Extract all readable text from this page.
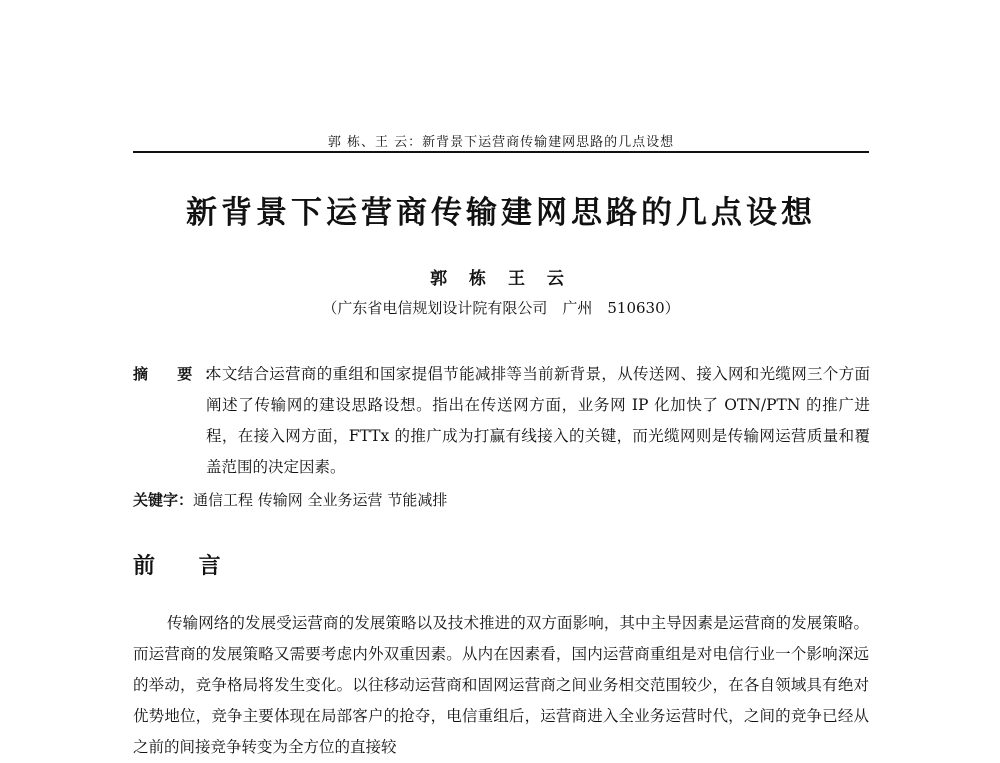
郭 栋、王 云：新背景下运营商传输建网思路的几点设想
新背景下运营商传输建网思路的几点设想
郭 栋 王 云
（广东省电信规划设计院有限公司　广州　510630）
摘 要：
本文结合运营商的重组和国家提倡节能减排等当前新背景，从传送网、接入网和光缆网三个方面阐述了传输网的建设思路设想。指出在传送网方面，业务网 IP 化加快了 OTN/PTN 的推广进程，在接入网方面，FTTx 的推广成为打赢有线接入的关键，而光缆网则是传输网运营质量和覆盖范围的决定因素。
关键字：通信工程 传输网 全业务运营 节能减排
前 言

传输网络的发展受运营商的发展策略以及技术推进的双方面影响，其中主导因素是运营商的发展策略。而运营商的发展策略又需要考虑内外双重因素。从内在因素看，国内运营商重组是对电信行业一个影响深远的举动，竞争格局将发生变化。以往移动运营商和固网运营商之间业务相交范围较少，在各自领域具有绝对优势地位，竞争主要体现在局部客户的抢夺，电信重组后，运营商进入全业务运营时代，之间的竞争已经从之前的间接竞争转变为全方位的直接较
